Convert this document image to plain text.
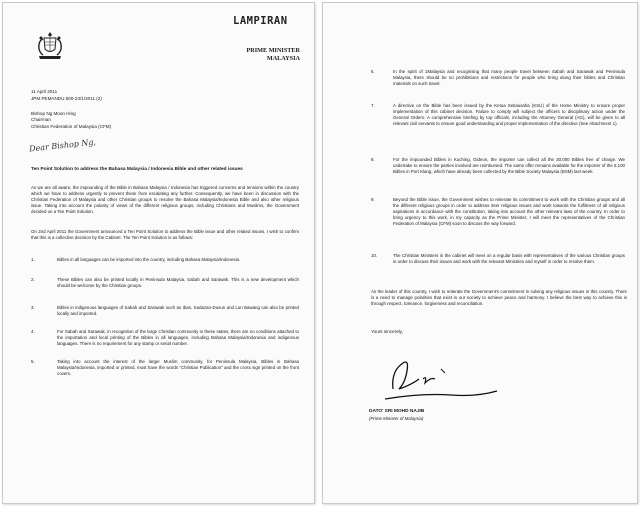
LAMPIRAN
PRIME MINISTER
MALAYSIA
11 April 2011
JPM.PEMANDU.500-23/1/2011 (2)
Bishop Ng Moon Hing
Chairman
Christian Federation of Malaysia (CFM)
Dear Bishop Ng,
Ten Point Solution to address the Bahasa Malaysia / Indonesia Bible and other related issues
As we are all aware, the impounding of the Bible in Bahasa Malaysia / Indonesia has triggered concerns and tensions within the country which we have to address urgently to prevent these from escalating any further. Consequently, we have been in discussion with the Christian Federation of Malaysia and other Christian groups to resolve the Bahasa Malaysia/Indonesia Bible and also other religious issue. Taking into account the polarity of views of the different religious groups, including Christians and Muslims, the Government decided on a Ten Point Solution.
On 2nd April 2011 the Government announced a Ten Point Solution to address the Bible issue and other related issues. I wish to confirm that this is a collective decision by the Cabinet. The Ten Point Solution is as follows:
1.	Bibles in all languages can be imported into the country, including Bahasa Malaysia/Indonesia.
2.	These Bibles can also be printed locally in Peninsula Malaysia, Sabah and Sarawak. This is a new development which should be welcome by the Christian groups.
3.	Bibles in indigenous languages of Sabah and Sarawak such as Iban, Kadazan-Dusun and Lun Bawang can also be printed locally and imported.
4.	For Sabah and Sarawak, in recognition of the large Christian community in these states, there are no conditions attached to the importation and local printing of the Bibles in all languages, including Bahasa Malaysia/Indonesia and indigenous languages. There is no requirement for any stamp or serial number.
5.	Taking into account the interest of the larger Muslim community, for Peninsula Malaysia, Bibles in Bahasa Malaysia/Indonesia, imported or printed, must have the words "Christian Publication" and the cross sign printed on the front covers.
6.	In the spirit of 1Malaysia and recognising that many people travel between Sabah and Sarawak and Peninsula Malaysia, there should be no prohibitions and restrictions for people who bring along their bibles and Christian materials on such travel.
7.	A directive on the Bible has been issued by the Ketua Setiausaha (KSU) of the Home Ministry to ensure proper implementation of this cabinet decision. Failure to comply will subject the officers to disciplinary action under the General Orders. A comprehensive briefing by top officials, including the Attorney General (AG), will be given to all relevant civil servants to ensure good understanding and proper implementation of the directive (See Attachment 1).
8.	For the impounded Bibles in Kuching, Gideon, the importer can collect all the 30,000 Bibles free of charge. We undertake to ensure the parties involved are reimbursed. The same offer remains available for the importer of the 5,100 Bibles in Port Klang, which have already been collected by the Bible Society Malaysia (BSM) last week.
9.	Beyond the Bible issue, the Government wishes to reiterate its commitment to work with the Christian groups and all the different religious groups in order to address inter religious issues and work towards the fulfilment of all religious aspirations in accordance with the constitution, taking into account the other relevant laws of the country. In order to bring urgency to this work, in my capacity as the Prime Minister, I will meet the representatives of the Christian Federation of Malaysia (CFM) soon to discuss the way forward.
10.	The Christian Ministers in the cabinet will meet on a regular basis with representatives of the various Christian groups in order to discuss their issues and work with the relevant Ministries and myself in order to resolve them.
As the leader of this country, I wish to reiterate the Government's commitment in solving any religious issues in this country. There is a need to manage polarities that exist in our society to achieve peace and harmony. I believe the best way to achieve this is through respect, tolerance, forgiveness and reconciliation.
Yours sincerely,
DATO' SRI MOHD NAJIB
(Prime Minister of Malaysia)
